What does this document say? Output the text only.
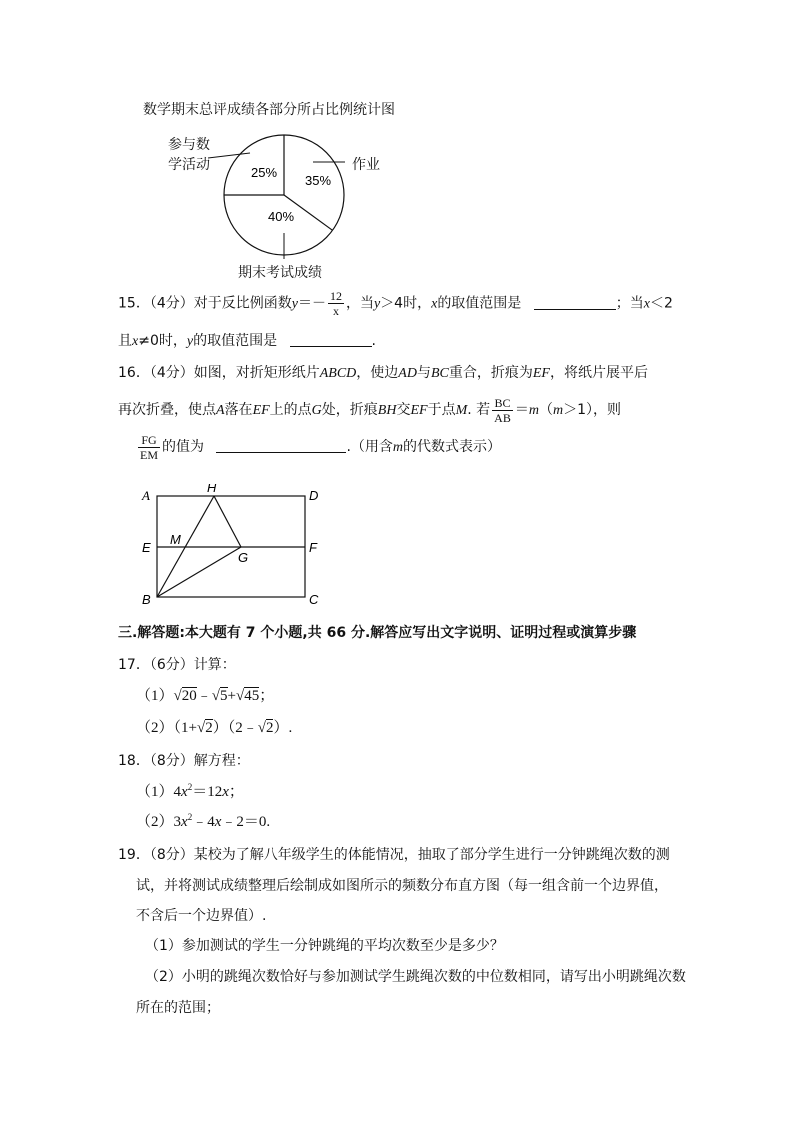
数学期末总评成绩各部分所占比例统计图
35%
40%
25%
参与数
学活动	作业
期末考试成绩
15．（4分）对于反比例函数$y=- \frac{12}{x}$ ，当y＞4时，x的取值范围是	；当x＜2
且x≠0时，y的取值范围是	.
16．（4分）如图，对折矩形纸片ABCD，使边AD与BC重合，折痕为EF，将纸片展平后
再次折叠，使点A落在EF上的点G处，折痕BH交EF于点M. 若 $\frac{BC}{AB} =m(m>1)$，则
$\frac{FG}{EM}$ 的值为	.（用含m的代数式表示）
A
H
D
M
E	F
G
B	C
三.解答题:本大题有 7 个小题,共 66 分.解答应写出文字说明、证明过程或演算步骤
17．（6分）计算：
（1）√20﹣√5+√45；
（2）（1+√2）（2﹣√2）.
18．（8分）解方程：
$(1)4x^2=12x$；
$(2)3x^2﹣4x﹣2=0$.
19．（8分）某校为了解八年级学生的体能情况，抽取了部分学生进行一分钟跳绳次数的测
试，并将测试成绩整理后绘制成如图所示的频数分布直方图（每一组含前一个边界值，
不含后一个边界值）.
（1）参加测试的学生一分钟跳绳的平均次数至少是多少？
（2）小明的跳绳次数恰好与参加测试学生跳绳次数的中位数相同，请写出小明跳绳次数
所在的范围；
